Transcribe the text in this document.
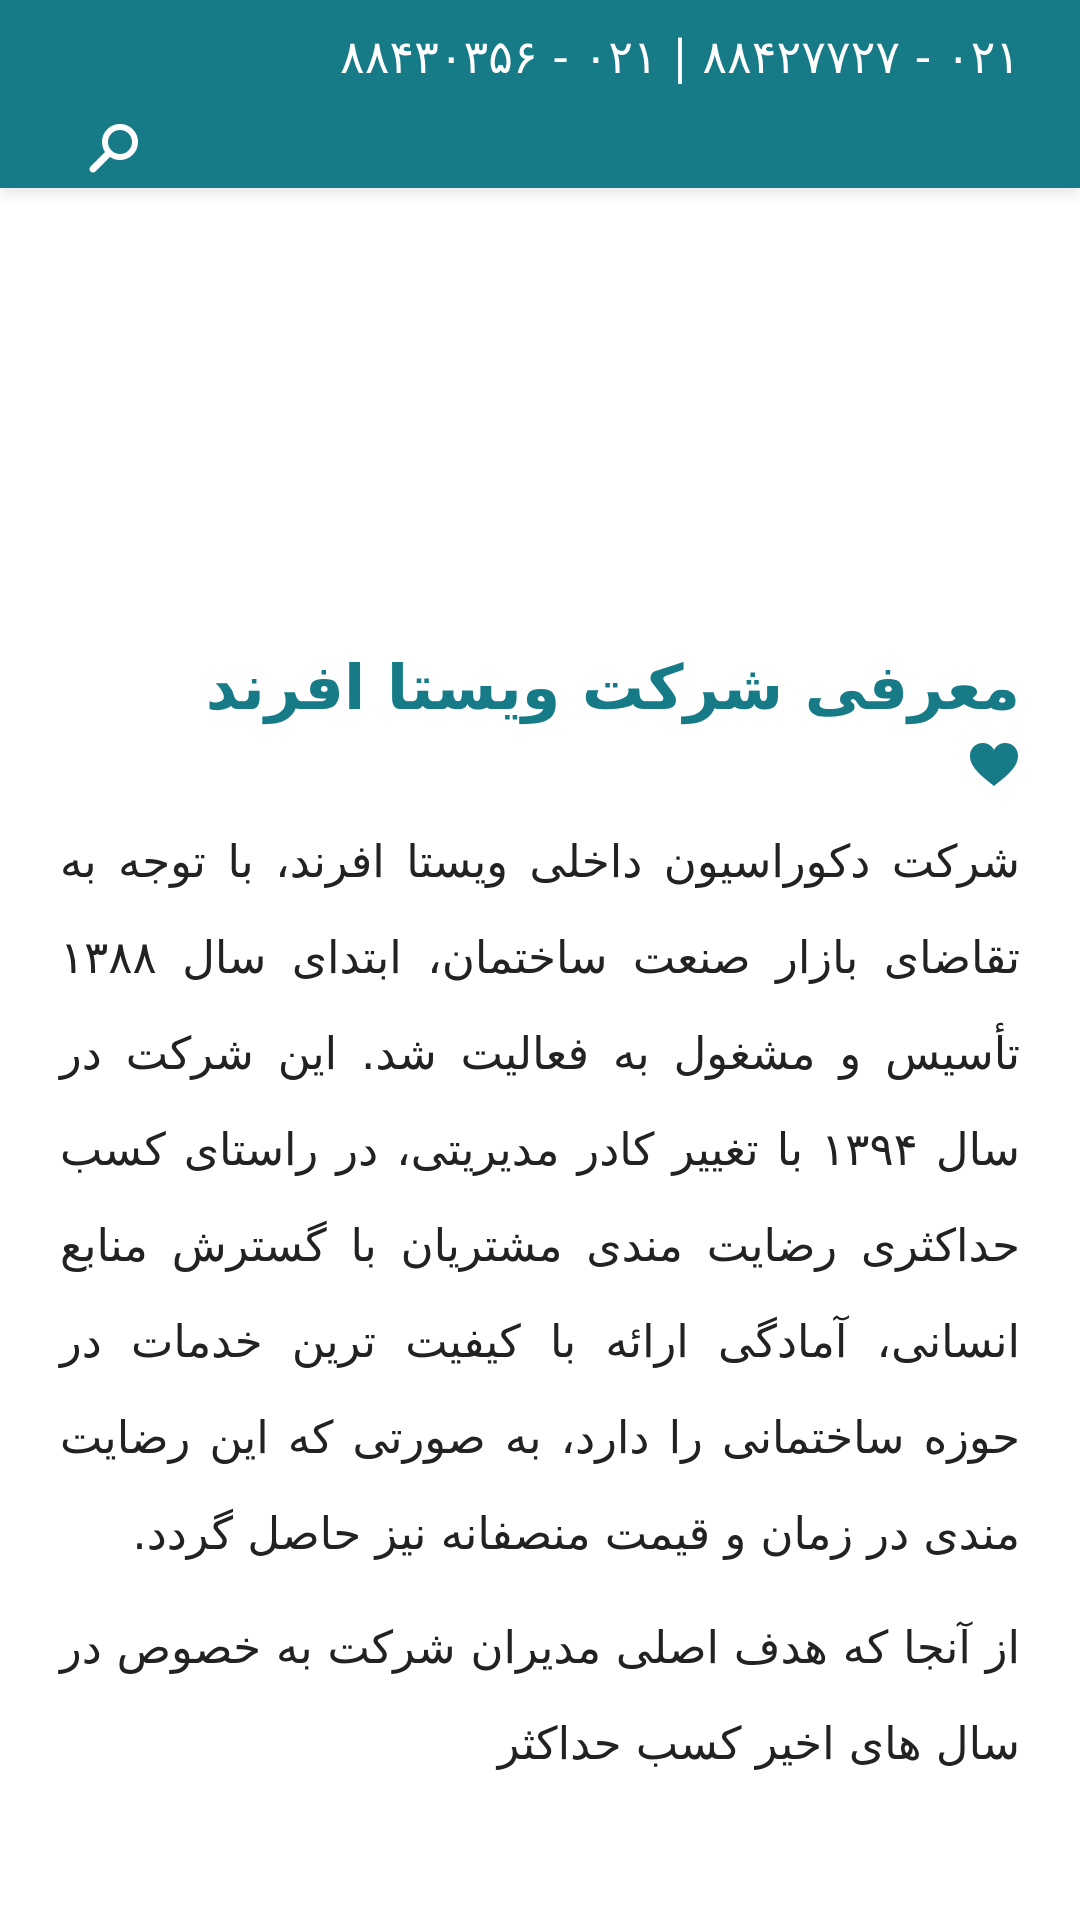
۰۲۱ - ۸۸۴۲۷۷۲۷ | ۰۲۱ - ۸۸۴۳۰۳۵۶
معرفی شرکت ویستا افرند

شرکت دکوراسیون داخلی ویستا افرند، با توجه به تقاضای بازار صنعت ساختمان، ابتدای سال ۱۳۸۸ تأسیس و مشغول به فعالیت شد. این شرکت در سال ۱۳۹۴ با تغییر کادر مدیریتی، در راستای کسب حداکثری رضایت مندی مشتریان با گسترش منابع انسانی، آمادگی ارائه با کیفیت ترین خدمات در حوزه ساختمانی را دارد، به صورتی که این رضایت مندی در زمان و قیمت منصفانه نیز حاصل گردد.

از آنجا که هدف اصلی مدیران شرکت به خصوص در سال های اخیر کسب حداکثر
